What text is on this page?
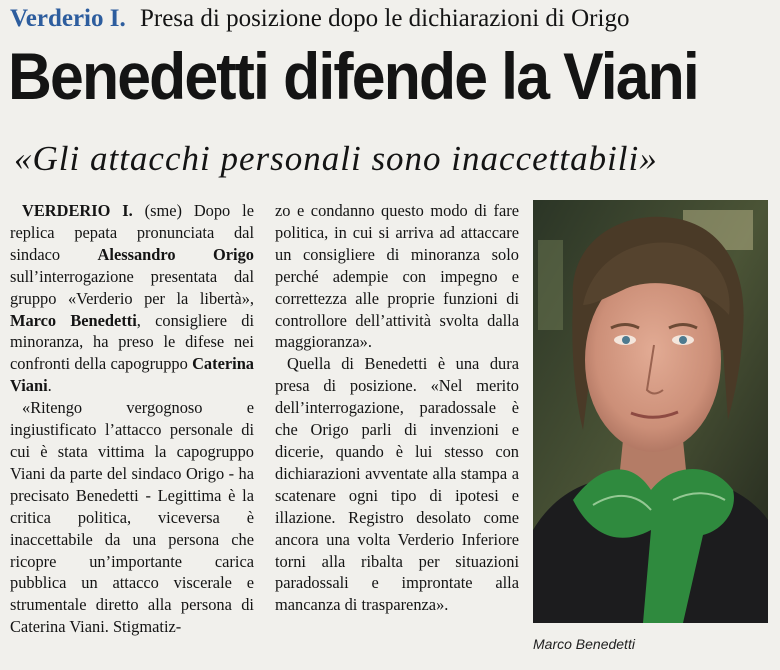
Verderio I. Presa di posizione dopo le dichiarazioni di Origo
Benedetti difende la Viani
«Gli attacchi personali sono inaccettabili»

VERDERIO I. (sme) Dopo le replica pepata pronunciata dal sindaco Alessandro Origo sull’interrogazione presentata dal gruppo «Verderio per la libertà», Marco Benedetti, consigliere di minoranza, ha preso le difese nei confronti della capogruppo Caterina Viani.

«Ritengo vergognoso e ingiustificato l’attacco personale di cui è stata vittima la capogruppo Viani da parte del sindaco Origo - ha precisato Benedetti - Legittima è la critica politica, viceversa è inaccettabile da una persona che ricopre un’importante carica pubblica un attacco viscerale e strumentale diretto alla persona di Caterina Viani. Stigmatiz-

zo e condanno questo modo di fare politica, in cui si arriva ad attaccare un consigliere di minoranza solo perché adempie con impegno e correttezza alle proprie funzioni di controllore dell’attività svolta dalla maggioranza».

Quella di Benedetti è una dura presa di posizione. «Nel merito dell’interrogazione, paradossale è che Origo parli di invenzioni e dicerie, quando è lui stesso con dichiarazioni avventate alla stampa a scatenare ogni tipo di ipotesi e illazione. Registro desolato come ancora una volta Verderio Inferiore torni alla ribalta per situazioni paradossali e improntate alla mancanza di trasparenza».

Marco Benedetti
